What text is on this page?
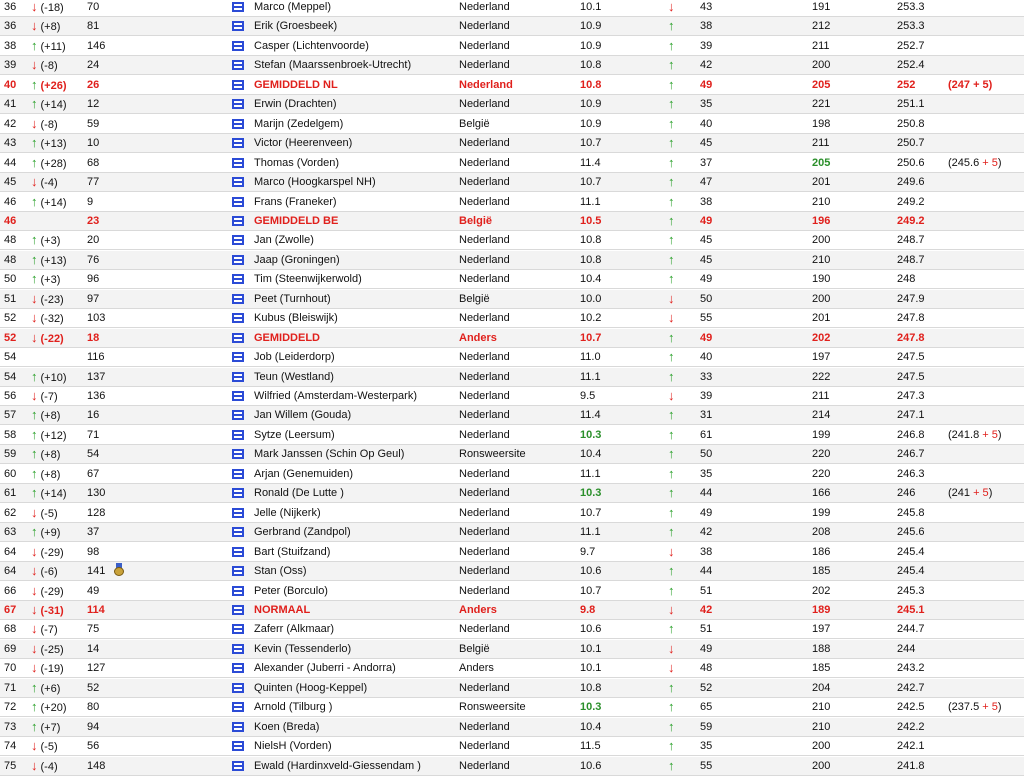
36 ↓ (-18) 70	Marco (Meppel)	Nederland	10.1	↓ 43	191	253.3
36 ↓ (+8) 81	Erik (Groesbeek)	Nederland	10.9	↑ 38	212	253.3
38 ↑ (+11) 146	Casper (Lichtenvoorde)	Nederland	10.9	↑ 39	211	252.7
39 ↓ (-8)	24	Stefan (Maarssenbroek-Utrecht)	Nederland	10.8	↑ 42	200	252.4
40 ↑ (+26) 26	GEMIDDELD NL	Nederland	10.8	↑ 49	205	252	(247 + 5)
41 ↑ (+14) 12	Erwin (Drachten)	Nederland	10.9	↑ 35	221	251.1
42 ↓ (-8)	59	Marijn (Zedelgem)	België	10.9	↑ 40	198	250.8
43 ↑ (+13) 10	Victor (Heerenveen)	Nederland	10.7	↑ 45	211	250.7
44 ↑ (+28) 68	Thomas (Vorden)	Nederland	11.4	↑ 37	205	250.6 (245.6 + 5)
45 ↓ (-4)	77	Marco (Hoogkarspel NH)	Nederland	10.7	↑ 47	201	249.6
46 ↑ (+14) 9	Frans (Franeker)	Nederland	11.1	↑ 38	210	249.2
46	23	GEMIDDELD BE	België	10.5	↑ 49	196	249.2
48 ↑ (+3) 20	Jan (Zwolle)	Nederland	10.8	↑ 45	200	248.7
48 ↑ (+13) 76	Jaap (Groningen)	Nederland	10.8	↑ 45	210	248.7
50 ↑ (+3) 96	Tim (Steenwijkerwold)	Nederland	10.4	↑ 49	190	248
51 ↓ (-23) 97	Peet (Turnhout)	België	10.0	↓ 50	200	247.9
52 ↓ (-32) 103	Kubus (Bleiswijk)	Nederland	10.2	↓ 55	201	247.8
52 ↓ (-22) 18	GEMIDDELD	Anders	10.7	↑ 49	202	247.8
54	116	Job (Leiderdorp)	Nederland	11.0	↑ 40	197	247.5
54 ↑ (+10) 137	Teun (Westland)	Nederland	11.1	↑ 33	222	247.5
56 ↓ (-7)	136	Wilfried (Amsterdam-Westerpark)	Nederland	9.5	↓ 39	211	247.3
57 ↑ (+8) 16	Jan Willem (Gouda)	Nederland	11.4	↑ 31	214	247.1
58 ↑ (+12) 71	Sytze (Leersum)	Nederland	10.3	↑ 61	199	246.8 (241.8 + 5)
59 ↑ (+8) 54	Mark Janssen (Schin Op Geul)	Ronsweersite	10.4	↑ 50	220	246.7
60 ↑ (+8) 67	Arjan (Genemuiden)	Nederland	11.1	↑ 35	220	246.3
61 ↑ (+14) 130	Ronald (De Lutte )	Nederland	10.3	↑ 44	166	246	(241 + 5)
62 ↓ (-5)	128	Jelle (Nijkerk)	Nederland	10.7	↑ 49	199	245.8
63 ↑ (+9) 37	Gerbrand (Zandpol)	Nederland	11.1	↑ 42	208	245.6
64 ↓ (-29) 98	Bart (Stuifzand)	Nederland	9.7	↓ 38	186	245.4
64 ↓ (-6)	141	Stan (Oss)	Nederland	10.6	↑ 44	185	245.4
66 ↓ (-29) 49	Peter (Borculo)	Nederland	10.7	↑ 51	202	245.3
67 ↓ (-31) 114	NORMAAL	Anders	9.8	↓ 42	189	245.1
68 ↓ (-7)	75	Zaferr (Alkmaar)	Nederland	10.6	↑ 51	197	244.7
69 ↓ (-25) 14	Kevin (Tessenderlo)	België	10.1	↓ 49	188	244
70 ↓ (-19) 127	Alexander (Juberri - Andorra)	Anders	10.1	↓ 48	185	243.2
71 ↑ (+6) 52	Quinten (Hoog-Keppel)	Nederland	10.8	↑ 52	204	242.7
72 ↑ (+20) 80	Arnold (Tilburg )	Ronsweersite	10.3	↑ 65	210	242.5 (237.5 + 5)
73 ↑ (+7) 94	Koen (Breda)	Nederland	10.4	↑ 59	210	242.2
74 ↓ (-5)	56	NielsH (Vorden)	Nederland	11.5	↑ 35	200	242.1
75 ↓ (-4)	148	Ewald (Hardinxveld-Giessendam )	Nederland	10.6	↑ 55	200	241.8
